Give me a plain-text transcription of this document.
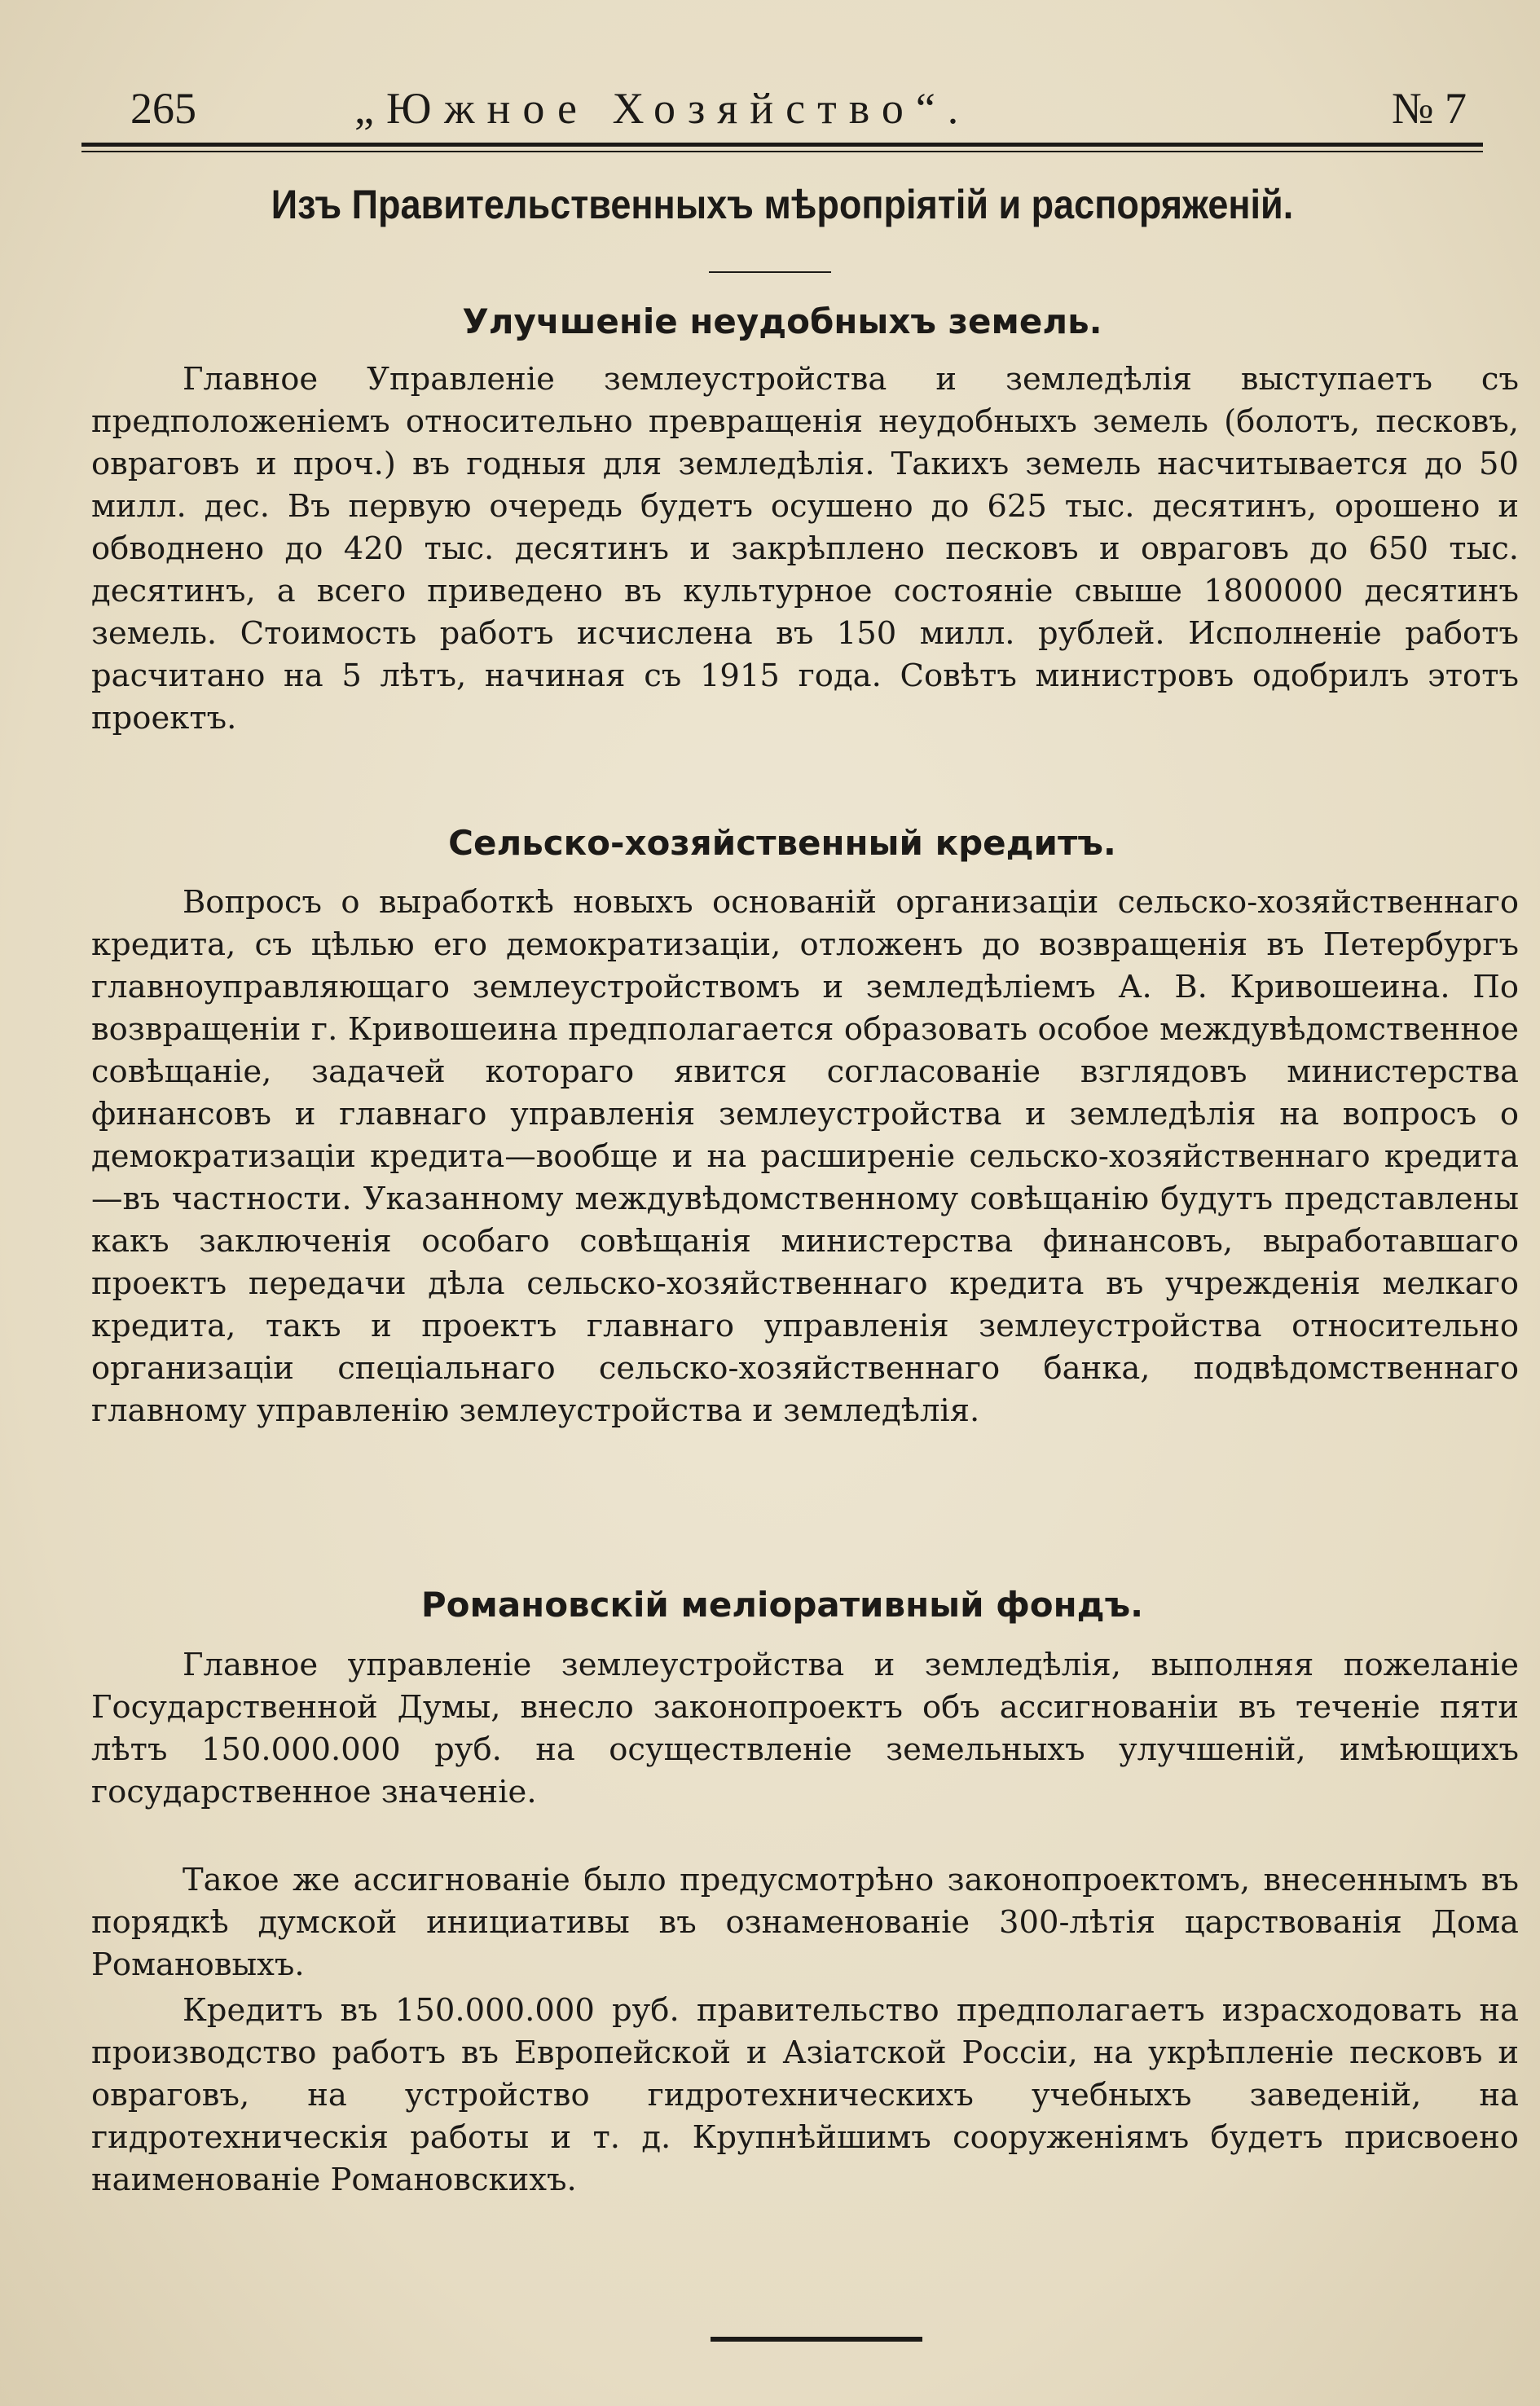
265	„Южное Хозяйство“.	№ 7
Изъ Правительственныхъ мѣропріятій и распоряженій.
Улучшеніе неудобныхъ земель.

Главное Управленіе землеустройства и земледѣлія выступаетъ съ предположеніемъ относительно превращенія неудобныхъ земель (болотъ, песковъ, овраговъ и проч.) въ годныя для земледѣлія. Такихъ земель насчитывается до 50 милл. дес. Въ первую очередь будетъ осушено до 625 тыс. десятинъ, орошено и обводнено до 420 тыс. десятинъ и закрѣплено песковъ и овраговъ до 650 тыс. десятинъ, а всего приведено въ культурное состояніе свыше 1800000 десятинъ земель. Стоимость работъ исчислена въ 150 милл. рублей. Исполненіе работъ расчитано на 5 лѣтъ, начиная съ 1915 года. Совѣтъ министровъ одобрилъ этотъ проектъ.

Сельско-хозяйственный кредитъ.

Вопросъ о выработкѣ новыхъ основаній организаціи сельско-хозяйственнаго кредита, съ цѣлью его демократизаціи, отложенъ до возвращенія въ Петербургъ главноуправляющаго землеустройствомъ и земледѣліемъ А. В. Кривошеина. По возвращеніи г. Кривошеина предполагается образовать особое междувѣдомственное совѣщаніе, задачей котораго явится согласованіе взглядовъ министерства финансовъ и главнаго управленія землеустройства и земледѣлія на вопросъ о демократизаціи кредита—вообще и на расширеніе сельско-хозяйственнаго кредита—въ частности. Указанному междувѣдомственному совѣщанію будутъ представлены какъ заключенія особаго совѣщанія министерства финансовъ, выработавшаго проектъ передачи дѣла сельско-хозяйственнаго кредита въ учрежденія мелкаго кредита, такъ и проектъ главнаго управленія землеустройства относительно организаціи спеціальнаго сельско-хозяйственнаго банка, подвѣдомственнаго главному управленію землеустройства и земледѣлія.

Романовскій меліоративный фондъ.

Главное управленіе землеустройства и земледѣлія, выполняя пожеланіе Государственной Думы, внесло законопроектъ объ ассигнованіи въ теченіе пяти лѣтъ 150.000.000 руб. на осуществленіе земельныхъ улучшеній, имѣющихъ государственное значеніе.

Такое же ассигнованіе было предусмотрѣно законопроектомъ, внесеннымъ въ порядкѣ думской инициативы въ ознаменованіе 300-лѣтія царствованія Дома Романовыхъ.

Кредитъ въ 150.000.000 руб. правительство предполагаетъ израсходовать на производство работъ въ Европейской и Азіатской Россіи, на укрѣпленіе песковъ и овраговъ, на устройство гидротехническихъ учебныхъ заведеній, на гидротехническія работы и т. д. Крупнѣйшимъ сооруженіямъ будетъ присвоено наименованіе Романовскихъ.
